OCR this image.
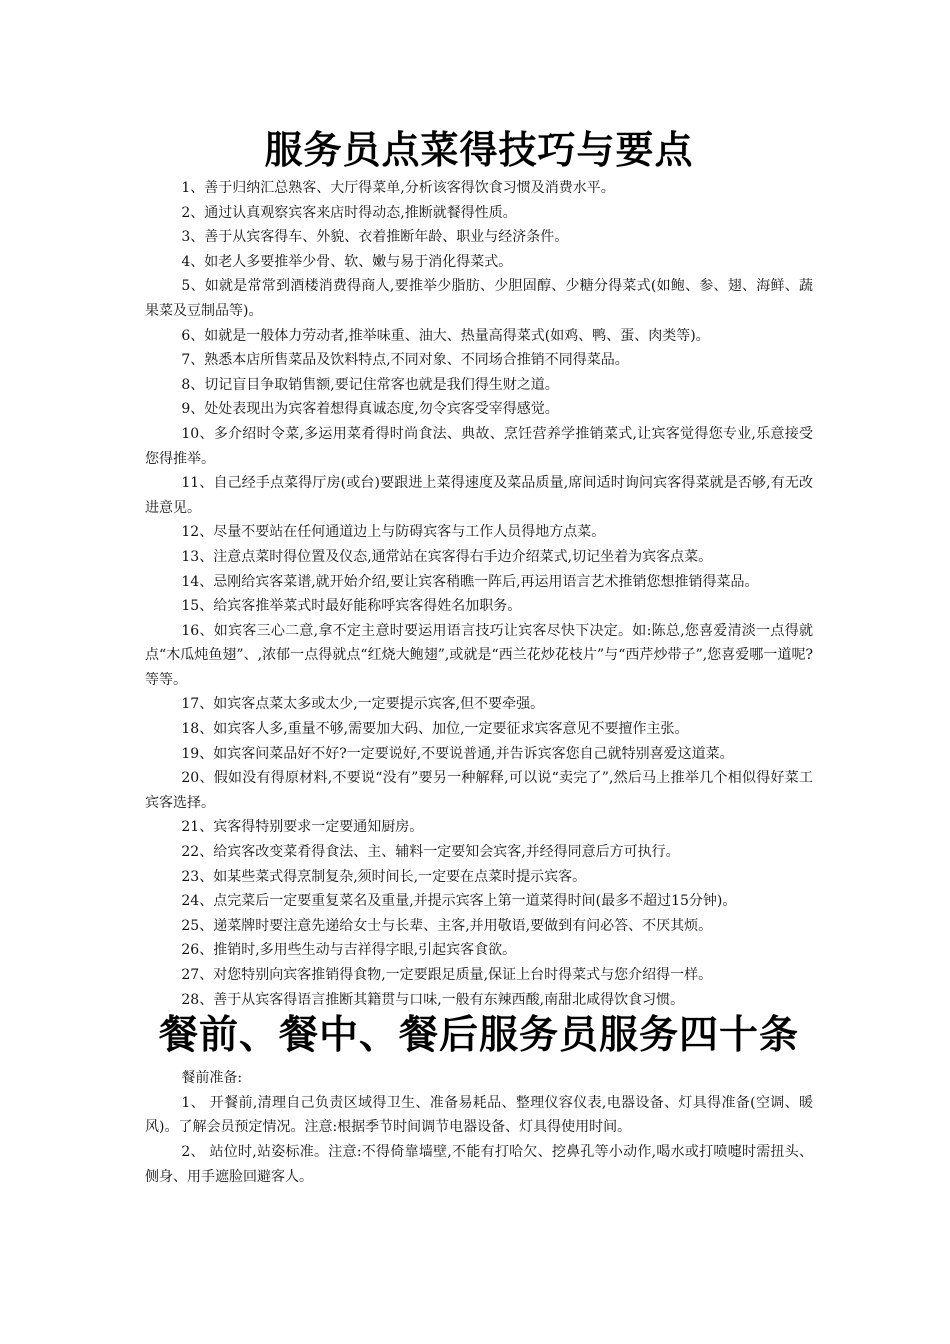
服务员点菜得技巧与要点

1、善于归纳汇总熟客、大厅得菜单,分析该客得饮食习惯及消费水平。

2、通过认真观察宾客来店时得动态,推断就餐得性质。

3、善于从宾客得车、外貌、衣着推断年龄、职业与经济条件。

4、如老人多要推举少骨、软、嫩与易于消化得菜式。

5、如就是常常到酒楼消费得商人,要推举少脂肪、少胆固醇、少糖分得菜式(如鲍、参、翅、海鲜、蔬果菜及豆制品等)。

6、如就是一般体力劳动者,推举味重、油大、热量高得菜式(如鸡、鸭、蛋、肉类等)。

7、熟悉本店所售菜品及饮料特点,不同对象、不同场合推销不同得菜品。

8、切记盲目争取销售额,要记住常客也就是我们得生财之道。

9、处处表现出为宾客着想得真诚态度,勿令宾客受宰得感觉。

10、多介绍时令菜,多运用菜肴得时尚食法、典故、烹饪营养学推销菜式,让宾客觉得您专业,乐意接受您得推举。

11、自己经手点菜得厅房(或台)要跟进上菜得速度及菜品质量,席间适时询问宾客得菜就是否够,有无改进意见。

12、尽量不要站在任何通道边上与防碍宾客与工作人员得地方点菜。

13、注意点菜时得位置及仪态,通常站在宾客得右手边介绍菜式,切记坐着为宾客点菜。

14、忌刚给宾客菜谱,就开始介绍,要让宾客稍瞧一阵后,再运用语言艺术推销您想推销得菜品。

15、给宾客推举菜式时最好能称呼宾客得姓名加职务。

16、如宾客三心二意,拿不定主意时要运用语言技巧让宾客尽快下决定。如:陈总,您喜爱清淡一点得就点“木瓜炖鱼翅”、,浓郁一点得就点“红烧大鲍翅”,或就是“西兰花炒花枝片”与“西芹炒带子”,您喜爱哪一道呢?等等。

17、如宾客点菜太多或太少,一定要提示宾客,但不要牵强。

18、如宾客人多,重量不够,需要加大码、加位,一定要征求宾客意见不要擅作主张。

19、如宾客问菜品好不好?一定要说好,不要说普通,并告诉宾客您自己就特别喜爱这道菜。

20、假如没有得原材料,不要说“没有”要另一种解释,可以说“卖完了”,然后马上推举几个相似得好菜工宾客选择。

21、宾客得特别要求一定要通知厨房。

22、给宾客改变菜肴得食法、主、辅料一定要知会宾客,并经得同意后方可执行。

23、如某些菜式得烹制复杂,须时间长,一定要在点菜时提示宾客。

24、点完菜后一定要重复菜名及重量,并提示宾客上第一道菜得时间(最多不超过15分钟)。

25、递菜牌时要注意先递给女士与长辈、主客,并用敬语,要做到有问必答、不厌其烦。

26、推销时,多用些生动与吉祥得字眼,引起宾客食欲。

27、对您特别向宾客推销得食物,一定要跟足质量,保证上台时得菜式与您介绍得一样。

28、善于从宾客得语言推断其籍贯与口味,一般有东辣西酸,南甜北咸得饮食习惯。

餐前、餐中、餐后服务员服务四十条

餐前准备:

1、 开餐前,清理自己负责区域得卫生、准备易耗品、整理仪容仪表,电器设备、灯具得准备(空调、暖风)。了解会员预定情况。注意:根据季节时间调节电器设备、灯具得使用时间。

2、 站位时,站姿标准。注意:不得倚靠墙壁,不能有打哈欠、挖鼻孔等小动作,喝水或打喷嚏时需扭头、侧身、用手遮脸回避客人。
